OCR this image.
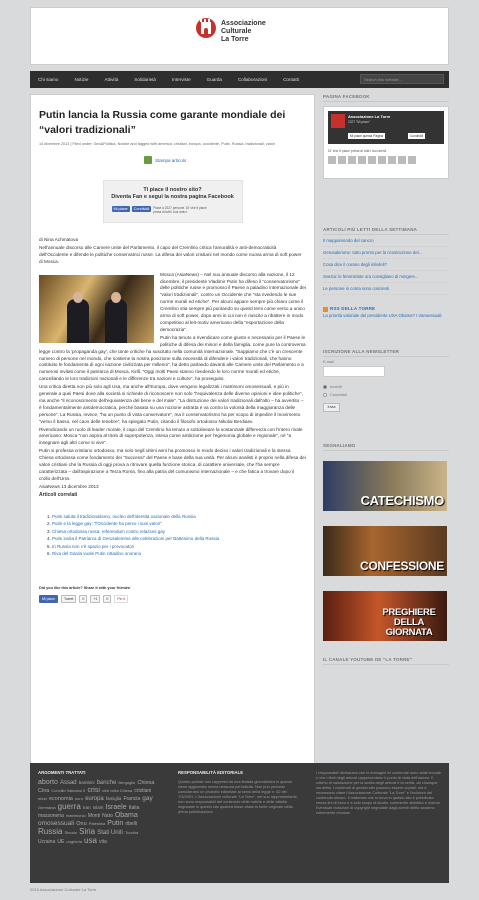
Associazione
Culturale
La Torre
Chi siamo	Notizie	Attività	Solidarietà	Interviste	Guarda	Collaborazioni	Contatti	Search this website…
Putin lancia la Russia come garante mondiale dei “valori tradizionali”
14 dicembre 2013 | Filed under: Geo&Politica, Notizie and tagged with america, cristiani, europa, occidente, Putin, Russia, tradizionali, valori
Stampa articolo
Ti piace il nostro sito?
Diventa Fan e segui la nostra pagina Facebook
Mi piace	Condividi	Piace a 2327 persone. Di' che ti piace prima di tutti i tuoi amici.

di Nina Achmatova

Nell'annuale discorso alle Camere unite del Parlamento, il capo del Cremlino critica l'amoralità e anti-democraticità dell'Occidente e difende le politiche conservatrici russe. La difesa dei valori cristiani nel mondo come nuova arma di soft power di Mosca.

Mosca (AsiaNews) – Nel suo annuale discorso alla nazione, il 12 dicembre, il presidente Vladimir Putin ha difeso il “conservatorismo” delle politiche russe e promosso il Paese a paladino internazionale dei “valori tradizionali”, contro un Occidente che “sta rivedendo le sue norme morali ed etiche”. Per alcuni appare sempre più chiaro come il Cremlino stia sempre più puntando su questi temi come verso a unico arma di soft power, dopo anni in cui non è riuscito a ribattere in modo competitivo al leit-motiv americano della “esportazione della democrazia”.

Putin ha tenuto a rivendicare come giusto e necessario per il Paese le politiche di difesa dei minori e della famiglia, come pure la controversa legge contro la 'propaganda gay', che tante critiche ha suscitato nella comunità internazionale. “Sappiamo che c'è un crescente numero di persone nel mondo, che sostiene la nostra posizione sulla necessità di difendere i valori tradizionali, che hanno costituito le fondamenta di ogni nazione civilizzata per millenni”, ha detto parlando davanti alle Camere unite del Parlamento e a numerosi invitati come il patriarca di Mosca, Kirill. “Oggi molti Paesi stanno rivedendo le loro norme morali ed etiche, cancellando le loro tradizioni nazionali e le differenze tra nazioni e culture”, ha proseguito.

Una critica diretta non più solo agli Usa, ma anche all'Europa, dove vengono legalizzati i matrimoni omosessuali, e più in generale a quei Paesi dove alla società si richiede di riconoscere non solo “l'equivalenza delle diverse opinioni e idee politiche”, ma anche “il riconoscimento dell'equivalenza del bene e del male”. “La distruzione dei valori tradizionali dall'alto – ha avvertito – è fondamentalmente antidemocratica, perché basata su una nozione astratta e va contro la volontà della maggioranza delle persone”. La Russia, invece, “ha un punto di vista conservatore”, ma il conservatorismo ha per scopo di impedire il movimento “verso il basso, nel caos delle tenebre”, ha spiegato Putin, citando il filosofo ortodosso Nikolai Berdiaev.

Rivendicando un ruolo di leader morale, il capo del Cremlino ha tenuto a sottolineare la sostanziale differenza con l'intero rivale americano: Mosca “non aspira al titolo di superpotenza, intesa come ambizione per l'egemonia globale e regionale”, né “a insegnare agli altri come si vive”.

Putin si professa cristiano ortodosso, ma solo negli ultimi anni ha promosso in modo deciso i valori tradizionali e la stessa Chiesa ortodossa come fondamento dei “Successi” del Paese e base della sua unità. Per alcuni analisti è proprio nella difesa dei valori cristiani che la Russia di oggi prova a ritrovare quella funzione storica, di carattere universale, che l'ha sempre caratterizzata – dall'aspirazione a Terza Roma, fino alla patria del comunismo internazionale – e che fatica a trovare dopo il crollo dell'Urss.

AsiaNews 13 dicembre 2013

Articoli correlati

1. Putin saluta il tradizionalismo, nucleo dell'identità nazionale della Russia
2. Putin e la legge gay: “l'Occidente ha perso i suoi valori”
3. Chiesa ortodossa russa: referendum contro relazioni gay
4. Putin invita il Patriarca di Gerusalemme alle celebrazioni per Battesimo della Russia
5. In Russia non c'è spazio per i provocatori
6. Riva del Garda vuole Putin cittadino onorario
Did you like this article? Share it with your friends!
Mi piace	Tweet	0	+1	0	Pin it
PAGINA FACEBOOK
Associazione La Torre
2327 "Mi piace"
Mi piace questa Pagina	Condividi
Di' che ti piace prima di tutti i tuoi amici
ARTICOLI PIÙ LETTI DELLA SETTIMANA
Il mappamondo del cancro
Gerusalemme: tutto pronto per la ricostruzione del...
Cosa dice il corano degli infedeli?
Svezia: le femministe ora consigliano di mingere...
Le persone in coma sono coscienti
RSS DELLA TORRE
La priorità valoriale del presidente USA Obama? I transessuali
ISCRIZIONE ALLA NEWSLETTER
E-mail
Iscriviti
Cancellati
Invia
SEGNALIAMO
CATECHISMO
CONFESSIONE
PREGHIERE DELLA GIORNATA
IL CANALE YOUTUBE DE "LA TORRE"
ARGOMENTI TRATTATI
aborto Assad bambini banche Bergoglio Chiesa Cina Concilio Vaticano II crisi crisi nella Chiesa cristiani ebrei economia euro europa famiglia Francia gay Germania guerra Iran Islam Israele Italia massoneria matrimonio Monti Nato Obama omosessuali Onu Palestina Putin ribelli Russia Sinodo Siria Stati Uniti Turchia Ucraina UE ungheria usa vita
RESPONSABILITÀ EDITORIALE
Questo portale non rappresenta una testata giornalistica in quanto viene aggiornato senza nessuna periodicità. Non può pertanto considerarsi un prodotto editoriale ai sensi della legge n. 62 del 7/3/2001. L'Associazione culturale "La Torre", nel suo rappresentante, non sono responsabili del contenuto delle notizie e delle attività segnalate in questo sito qualora fosse citata la fonte originale della prima pubblicazione.
I responsabili dichiarano che le immagini ivi contenute sono state trovate e che i titoli degli articoli rappresentano il punto di vista dell'autore. Il criterio di valutazione per la scelta degli articoli è la verità, da chiunque sia detta. I contenuti di questo sito possono essere copiati, ma è necessario citare l'Associazione Culturale "La Torre" e l'indirizzo del contenuto stesso. Il materiale che si trova in questo sito è pubblicato senza fini di lucro e a solo scopo di studio, commento didattico e ricerca. Eventuali violazioni di copyright segnalate dagli aventi diritto saranno celermente rimosse.
2015 Associazione Culturale La Torre
